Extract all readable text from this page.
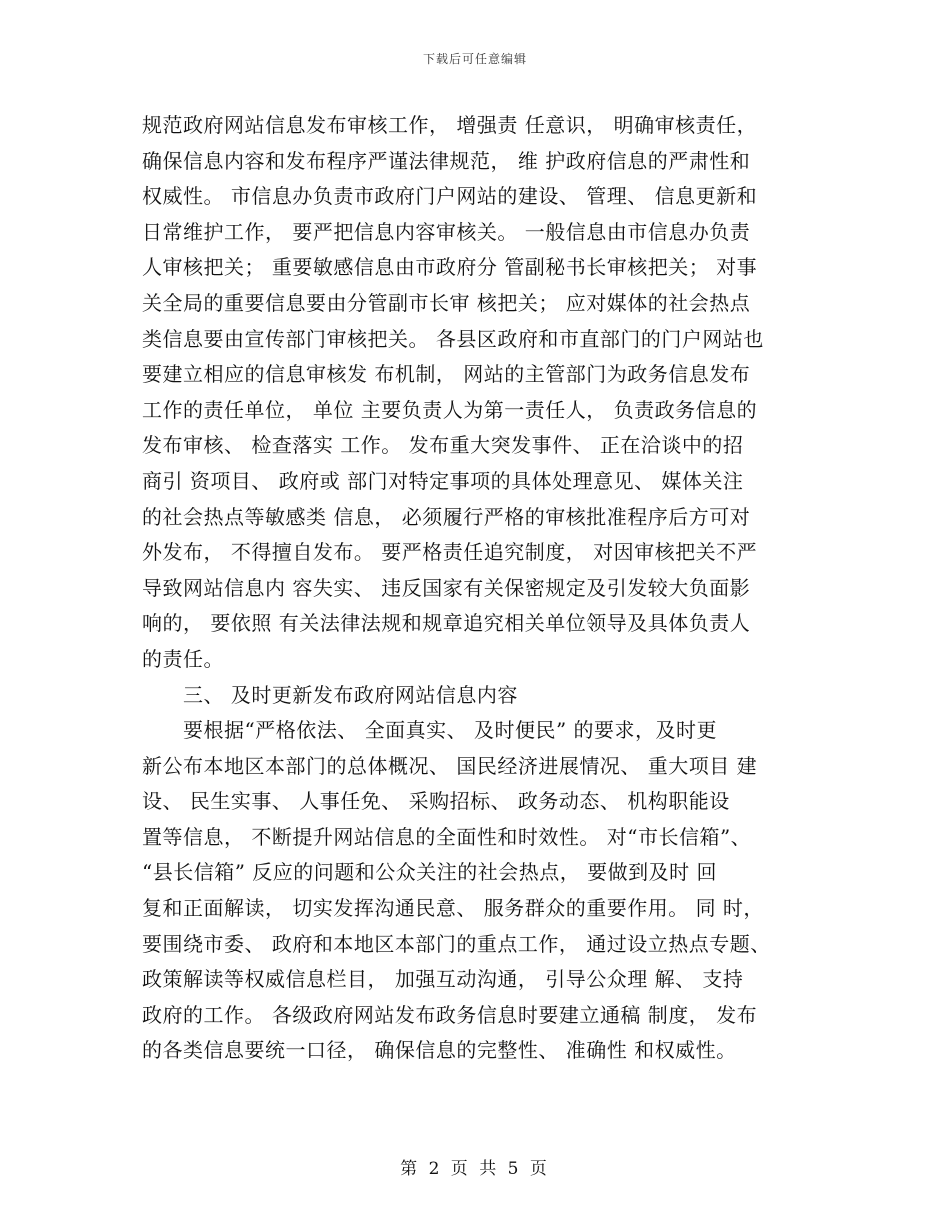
下载后可任意编辑
规范政府网站信息发布审核工作， 增强责 任意识， 明确审核责任，
确保信息内容和发布程序严谨法律规范， 维 护政府信息的严肃性和
权威性。 市信息办负责市政府门户网站的建设、 管理、 信息更新和
日常维护工作， 要严把信息内容审核关。 一般信息由市信息办负责
人审核把关； 重要敏感信息由市政府分 管副秘书长审核把关； 对事
关全局的重要信息要由分管副市长审 核把关； 应对媒体的社会热点
类信息要由宣传部门审核把关。 各县区政府和市直部门的门户网站也
要建立相应的信息审核发 布机制， 网站的主管部门为政务信息发布
工作的责任单位， 单位 主要负责人为第一责任人， 负责政务信息的
发布审核、 检查落实 工作。 发布重大突发事件、 正在洽谈中的招
商引 资项目、 政府或 部门对特定事项的具体处理意见、 媒体关注
的社会热点等敏感类 信息， 必须履行严格的审核批准程序后方可对
外发布， 不得擅自发布。 要严格责任追究制度， 对因审核把关不严
导致网站信息内 容失实、 违反国家有关保密规定及引发较大负面影
响的， 要依照 有关法律法规和规章追究相关单位领导及具体负责人
的责任。
　　三、 及时更新发布政府网站信息内容
　　要根据“严格依法、 全面真实、 及时便民” 的要求，及时更
新公布本地区本部门的总体概况、 国民经济进展情况、 重大项目 建
设、 民生实事、 人事任免、 采购招标、 政务动态、 机构职能设
置等信息， 不断提升网站信息的全面性和时效性。 对“市长信箱”、
“县长信箱” 反应的问题和公众关注的社会热点， 要做到及时 回
复和正面解读， 切实发挥沟通民意、 服务群众的重要作用。 同 时，
要围绕市委、 政府和本地区本部门的重点工作， 通过设立热点专题、
政策解读等权威信息栏目， 加强互动沟通， 引导公众理 解、 支持
政府的工作。 各级政府网站发布政务信息时要建立通稿 制度， 发布
的各类信息要统一口径， 确保信息的完整性、 准确性 和权威性。
第 2 页 共 5 页
